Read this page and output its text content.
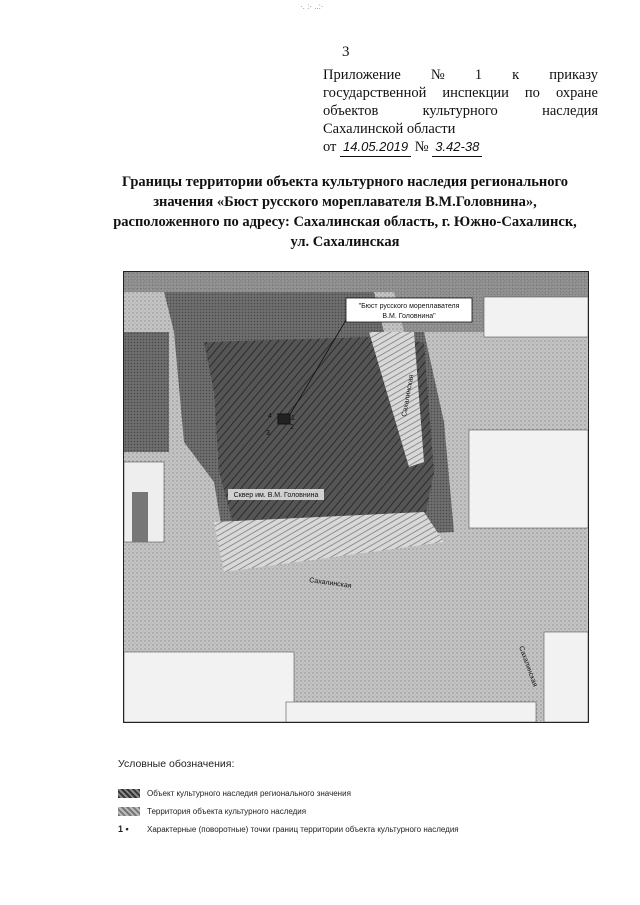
·. :· ..:·
3
Приложение № 1 к приказу
государственной инспекции по охране
объектов	культурного	наследия
Сахалинской области
от
14.05.2019
№
3.42-38
Границы территории объекта культурного наследия регионального
значения «Бюст русского мореплавателя В.М.Головнина»,
расположенного по адресу: Сахалинская область, г. Южно-Сахалинск,
ул. Сахалинская
"Бюст русского мореплавателя
В.М. Головнина"
1
2
3
4
Сквер им. В.М. Головнина
Сахалинская
Сахалинская
Сахалинская
Условные обозначения:
Объект культурного наследия регионального значения
Территория объекта культурного наследия
1 •	Характерные (поворотные) точки границ территории объекта культурного наследия
